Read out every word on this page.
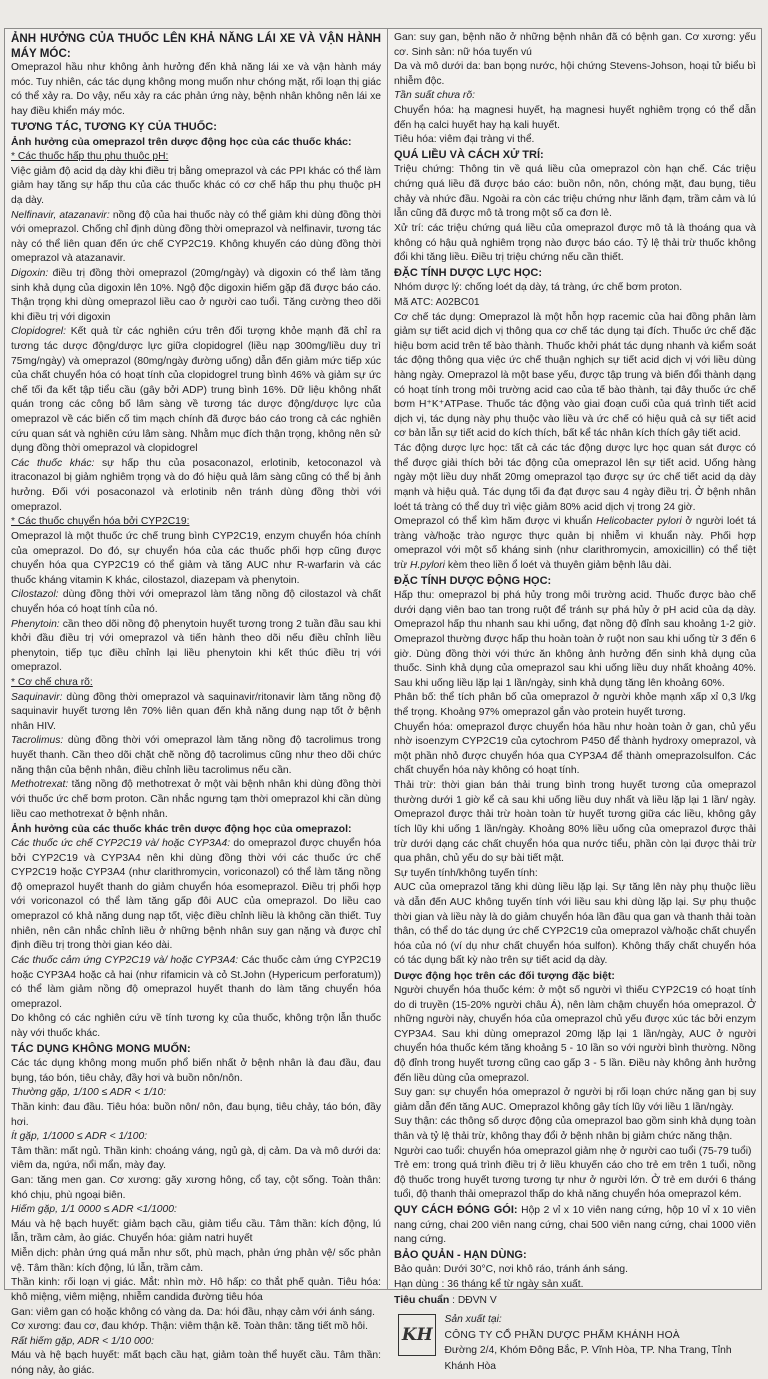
ẢNH HƯỞNG CỦA THUỐC LÊN KHẢ NĂNG LÁI XE VÀ VẬN HÀNH MÁY MÓC:

Omeprazol hầu như không ảnh hưởng đến khả năng lái xe và vận hành máy móc. Tuy nhiên, các tác dụng không mong muốn như chóng mặt, rối loạn thị giác có thể xảy ra. Do vậy, nếu xảy ra các phản ứng này, bệnh nhân không nên lái xe hay điều khiển máy móc.

TƯƠNG TÁC, TƯƠNG KỴ CỦA THUỐC:

Ảnh hưởng của omeprazol trên dược động học của các thuốc khác:

* Các thuốc hấp thu phụ thuộc pH:

Việc giảm độ acid dạ dày khi điều trị bằng omeprazol và các PPI khác có thể làm giảm hay tăng sự hấp thu của các thuốc khác có cơ chế hấp thu phụ thuộc pH dạ dày.

Nelfinavir, atazanavir: nồng độ của hai thuốc này có thể giảm khi dùng đồng thời với omeprazol. Chống chỉ định dùng đồng thời omeprazol và nelfinavir, tương tác này có thể liên quan đến ức chế CYP2C19. Không khuyến cáo dùng đồng thời omeprazol và atazanavir.

Digoxin: điều trị đồng thời omeprazol (20mg/ngày) và digoxin có thể làm tăng sinh khả dụng của digoxin lên 10%. Ngộ độc digoxin hiếm gặp đã được báo cáo. Thận trọng khi dùng omeprazol liều cao ở người cao tuổi. Tăng cường theo dõi khi điều trị với digoxin

Clopidogrel: Kết quả từ các nghiên cứu trên đối tượng khỏe mạnh đã chỉ ra tương tác dược động/dược lực giữa clopidogrel (liều nạp 300mg/liều duy trì 75mg/ngày) và omeprazol (80mg/ngày đường uống) dẫn đến giảm mức tiếp xúc của chất chuyển hóa có hoạt tính của clopidogrel trung bình 46% và giảm sự ức chế tối đa kết tập tiểu cầu (gây bởi ADP) trung bình 16%. Dữ liệu không nhất quán trong các công bố lâm sàng về tương tác dược động/dược lực của omeprazol về các biến cố tim mạch chính đã được báo cáo trong cả các nghiên cứu quan sát và nghiên cứu lâm sàng. Nhằm mục đích thận trọng, không nên sử dụng đồng thời omeprazol và clopidogrel

Các thuốc khác: sự hấp thu của posaconazol, erlotinib, ketoconazol và itraconazol bị giảm nghiêm trọng và do đó hiệu quả lâm sàng cũng có thể bị ảnh hưởng. Đối với posaconazol và erlotinib nên tránh dùng đồng thời với omeprazol.

* Các thuốc chuyển hóa bởi CYP2C19:

Omeprazol là một thuốc ức chế trung bình CYP2C19, enzym chuyển hóa chính của omeprazol. Do đó, sự chuyển hóa của các thuốc phối hợp cũng được chuyển hóa qua CYP2C19 có thể giảm và tăng AUC như R-warfarin và các thuốc kháng vitamin K khác, cilostazol, diazepam và phenytoin.

Cilostazol: dùng đồng thời với omeprazol làm tăng nồng độ cilostazol và chất chuyển hóa có hoạt tính của nó.

Phenytoin: cần theo dõi nồng độ phenytoin huyết tương trong 2 tuần đầu sau khi khởi đầu điều trị với omeprazol và tiến hành theo dõi nếu điều chỉnh liều phenytoin, tiếp tục điều chỉnh lại liều phenytoin khi kết thúc điều trị với omeprazol.

* Cơ chế chưa rõ:

Saquinavir: dùng đồng thời omeprazol và saquinavir/ritonavir làm tăng nồng độ saquinavir huyết tương lên 70% liên quan đến khả năng dung nạp tốt ở bệnh nhân HIV.

Tacrolimus: dùng đồng thời với omeprazol làm tăng nồng độ tacrolimus trong huyết thanh. Cần theo dõi chặt chẽ nồng độ tacrolimus cũng như theo dõi chức năng thận của bệnh nhân, điều chỉnh liều tacrolimus nếu cần.

Methotrexat: tăng nồng độ methotrexat ở một vài bệnh nhân khi dùng đồng thời với thuốc ức chế bơm proton. Cần nhắc ngưng tạm thời omeprazol khi cần dùng liều cao methotrexat ở bệnh nhân.

Ảnh hưởng của các thuốc khác trên dược động học của omeprazol:

Các thuốc ức chế CYP2C19 và/ hoặc CYP3A4: do omeprazol được chuyển hóa bởi CYP2C19 và CYP3A4 nên khi dùng đồng thời với các thuốc ức chế CYP2C19 hoặc CYP3A4 (như clarithromycin, voriconazol) có thể làm tăng nồng độ omeprazol huyết thanh do giảm chuyển hóa esomeprazol. Điều trị phối hợp với voriconazol có thể làm tăng gấp đôi AUC của omeprazol. Do liều cao omeprazol có khả năng dung nạp tốt, việc điều chỉnh liều là không cần thiết. Tuy nhiên, nên cân nhắc chỉnh liều ở những bệnh nhân suy gan nặng và được chỉ định điều trị trong thời gian kéo dài.

Các thuốc cảm ứng CYP2C19 và/ hoặc CYP3A4: Các thuốc cảm ứng CYP2C19 hoặc CYP3A4 hoặc cả hai (như rifamicin và cỏ St.John (Hypericum perforatum)) có thể làm giảm nồng độ omeprazol huyết thanh do làm tăng chuyển hóa omeprazol.

Do không có các nghiên cứu về tính tương kỵ của thuốc, không trộn lẫn thuốc này với thuốc khác.

TÁC DỤNG KHÔNG MONG MUỐN:

Các tác dụng không mong muốn phổ biến nhất ở bệnh nhân là đau đầu, đau bụng, táo bón, tiêu chảy, đầy hơi và buồn nôn/nôn.

Thường gặp, 1/100 ≤ ADR < 1/10:

Thần kinh: đau đầu. Tiêu hóa: buồn nôn/ nôn, đau bụng, tiêu chảy, táo bón, đầy hơi.

Ít gặp, 1/1000 ≤ ADR < 1/100:

Tâm thần: mất ngủ. Thần kinh: choáng váng, ngủ gà, dị cảm. Da và mô dưới da: viêm da, ngứa, nổi mẩn, mày đay.

Gan: tăng men gan. Cơ xương: gãy xương hông, cổ tay, cột sống. Toàn thân: khó chịu, phù ngoại biên.

Hiếm gặp, 1/1 0000 ≤ ADR <1/1000:

Máu và hệ bạch huyết: giảm bạch cầu, giảm tiểu cầu. Tâm thần: kích động, lú lẫn, trầm cảm, ảo giác. Chuyển hóa: giảm natri huyết

Miễn dịch: phản ứng quá mẫn như sốt, phù mạch, phản ứng phản vệ/ sốc phản vệ. Tâm thần: kích động, lú lẫn, trầm cảm.

Thần kinh: rối loạn vị giác. Mắt: nhìn mờ. Hô hấp: co thắt phế quản. Tiêu hóa: khô miệng, viêm miệng, nhiễm candida đường tiêu hóa

Gan: viêm gan có hoặc không có vàng da. Da: hói đầu, nhạy cảm với ánh sáng.

Cơ xương: đau cơ, đau khớp. Thận: viêm thận kẽ. Toàn thân: tăng tiết mồ hôi.

Rất hiếm gặp, ADR < 1/10 000:

Máu và hệ bạch huyết: mất bạch cầu hạt, giảm toàn thể huyết cầu. Tâm thần: nóng nảy, ảo giác.

Gan: suy gan, bệnh não ở những bệnh nhân đã có bệnh gan. Cơ xương: yếu cơ. Sinh sản: nữ hóa tuyến vú

Da và mô dưới da: ban bọng nước, hội chứng Stevens-Johson, hoại tử biểu bì nhiễm độc.

Tần suất chưa rõ:

Chuyển hóa: hạ magnesi huyết, hạ magnesi huyết nghiêm trọng có thể dẫn đến hạ calci huyết hay hạ kali huyết.

Tiêu hóa: viêm đại tràng vi thể.

QUÁ LIỀU VÀ CÁCH XỬ TRÍ:

Triệu chứng: Thông tin về quá liều của omeprazol còn hạn chế. Các triệu chứng quá liều đã được báo cáo: buồn nôn, nôn, chóng mặt, đau bụng, tiêu chảy và nhức đầu. Ngoài ra còn các triệu chứng như lãnh đạm, trầm cảm và lú lẫn cũng đã được mô tả trong một số ca đơn lẻ.

Xử trí: các triệu chứng quá liều của omeprazol được mô tả là thoáng qua và không có hậu quả nghiêm trọng nào được báo cáo. Tỷ lệ thải trừ thuốc không đổi khi tăng liều. Điều trị triệu chứng nếu cần thiết.

ĐẶC TÍNH DƯỢC LỰC HỌC:

Nhóm dược lý: chống loét dạ dày, tá tràng, ức chế bơm proton.

Mã ATC: A02BC01

Cơ chế tác dụng: Omeprazol là một hỗn hợp racemic của hai đồng phân làm giảm sự tiết acid dịch vị thông qua cơ chế tác dụng tại đích. Thuốc ức chế đặc hiệu bơm acid trên tế bào thành. Thuốc khởi phát tác dụng nhanh và kiểm soát tác động thông qua việc ức chế thuận nghịch sự tiết acid dịch vị với liều dùng hàng ngày. Omeprazol là một base yếu, được tập trung và biến đổi thành dạng có hoạt tính trong môi trường acid cao của tế bào thành, tại đây thuốc ức chế bơm H⁺K⁺ATPase. Thuốc tác động vào giai đoạn cuối của quá trình tiết acid dịch vị, tác dụng này phụ thuộc vào liều và ức chế có hiệu quả cả sự tiết acid cơ bản lẫn sự tiết acid do kích thích, bất kể tác nhân kích thích gây tiết acid.

Tác động dược lực học: tất cả các tác động dược lực học quan sát được có thể được giải thích bởi tác động của omeprazol lên sự tiết acid. Uống hàng ngày một liều duy nhất 20mg omeprazol tạo được sự ức chế tiết acid dạ dày mạnh và hiệu quả. Tác dụng tối đa đạt được sau 4 ngày điều trị. Ở bệnh nhân loét tá tràng có thể duy trì việc giảm 80% acid dịch vị trong 24 giờ.

Omeprazol có thể kìm hãm được vi khuẩn Helicobacter pylori ở người loét tá tràng và/hoặc trào ngược thực quản bị nhiễm vi khuẩn này. Phối hợp omeprazol với một số kháng sinh (như clarithromycin, amoxicillin) có thể tiệt trừ H.pylori kèm theo liền ổ loét và thuyên giảm bệnh lâu dài.

ĐẶC TÍNH DƯỢC ĐỘNG HỌC:

Hấp thu: omeprazol bị phá hủy trong môi trường acid. Thuốc được bào chế dưới dạng viên bao tan trong ruột để tránh sự phá hủy ở pH acid của dạ dày. Omeprazol hấp thu nhanh sau khi uống, đạt nồng độ đỉnh sau khoảng 1-2 giờ. Omeprazol thường được hấp thu hoàn toàn ở ruột non sau khi uống từ 3 đến 6 giờ. Dùng đồng thời với thức ăn không ảnh hưởng đến sinh khả dụng của thuốc. Sinh khả dụng của omeprazol sau khi uống liều duy nhất khoảng 40%. Sau khi uống liều lặp lại 1 lần/ngày, sinh khả dụng tăng lên khoảng 60%.

Phân bố: thể tích phân bố của omeprazol ở người khỏe mạnh xấp xỉ 0,3 l/kg thể trọng. Khoảng 97% omeprazol gắn vào protein huyết tương.

Chuyển hóa: omeprazol được chuyển hóa hầu như hoàn toàn ở gan, chủ yếu nhờ isoenzym CYP2C19 của cytochrom P450 để thành hydroxy omeprazol, và một phần nhỏ được chuyển hóa qua CYP3A4 để thành omeprazolsulfon. Các chất chuyển hóa này không có hoạt tính.

Thải trừ: thời gian bán thải trung bình trong huyết tương của omeprazol thường dưới 1 giờ kể cả sau khi uống liều duy nhất và liều lặp lại 1 lần/ ngày. Omeprazol được thải trừ hoàn toàn từ huyết tương giữa các liều, không gây tích lũy khi uống 1 lần/ngày. Khoảng 80% liều uống của omeprazol được thải trừ dưới dạng các chất chuyển hóa qua nước tiểu, phần còn lại được thải trừ qua phân, chủ yếu do sự bài tiết mật.

Sự tuyến tính/không tuyến tính:

AUC của omeprazol tăng khi dùng liều lặp lại. Sự tăng lên này phụ thuộc liều và dẫn đến AUC không tuyến tính với liều sau khi dùng lặp lại. Sự phụ thuộc thời gian và liều này là do giảm chuyển hóa lần đầu qua gan và thanh thải toàn thân, có thể do tác dụng ức chế CYP2C19 của omeprazol và/hoặc chất chuyển hóa của nó (ví dụ như chất chuyển hóa sulfon). Không thấy chất chuyển hóa có tác dụng bất kỳ nào trên sự tiết acid dạ dày.

Dược động học trên các đối tượng đặc biệt:

Người chuyển hóa thuốc kém: ở một số người vì thiếu CYP2C19 có hoạt tính do di truyền (15-20% người châu Á), nên làm chậm chuyển hóa omeprazol. Ở những người này, chuyển hóa của omeprazol chủ yếu được xúc tác bởi enzym CYP3A4. Sau khi dùng omeprazol 20mg lặp lại 1 lần/ngày, AUC ở người chuyển hóa thuốc kém tăng khoảng 5 - 10 lần so với người bình thường. Nồng độ đỉnh trong huyết tương cũng cao gấp 3 - 5 lần. Điều này không ảnh hưởng đến liều dùng của omeprazol.

Suy gan: sự chuyển hóa omeprazol ở người bị rối loạn chức năng gan bị suy giảm dẫn đến tăng AUC. Omeprazol không gây tích lũy với liều 1 lần/ngày.

Suy thận: các thông số dược động của omeprazol bao gồm sinh khả dụng toàn thân và tỷ lệ thải trừ, không thay đổi ở bệnh nhân bị giảm chức năng thận.

Người cao tuổi: chuyển hóa omeprazol giảm nhẹ ở người cao tuổi (75-79 tuổi)

Trẻ em: trong quá trình điều trị ở liều khuyến cáo cho trẻ em trên 1 tuổi, nồng độ thuốc trong huyết tương tương tự như ở người lớn. Ở trẻ em dưới 6 tháng tuổi, độ thanh thải omeprazol thấp do khả năng chuyển hóa omeprazol kém.

QUY CÁCH ĐÓNG GÓI: Hộp 2 vỉ x 10 viên nang cứng, hộp 10 vỉ x 10 viên nang cứng, chai 200 viên nang cứng, chai 500 viên nang cứng, chai 1000 viên nang cứng.

BẢO QUẢN - HẠN DÙNG:

Bảo quản: Dưới 30°C, nơi khô ráo, tránh ánh sáng.

Hạn dùng : 36 tháng kể từ ngày sản xuất.

Tiêu chuẩn : DĐVN V

KH
Sản xuất tại:
CÔNG TY CỔ PHẦN DƯỢC PHẨM KHÁNH HOÀ
Đường 2/4, Khóm Đông Bắc, P. Vĩnh Hòa, TP. Nha Trang, Tỉnh Khánh Hòa
